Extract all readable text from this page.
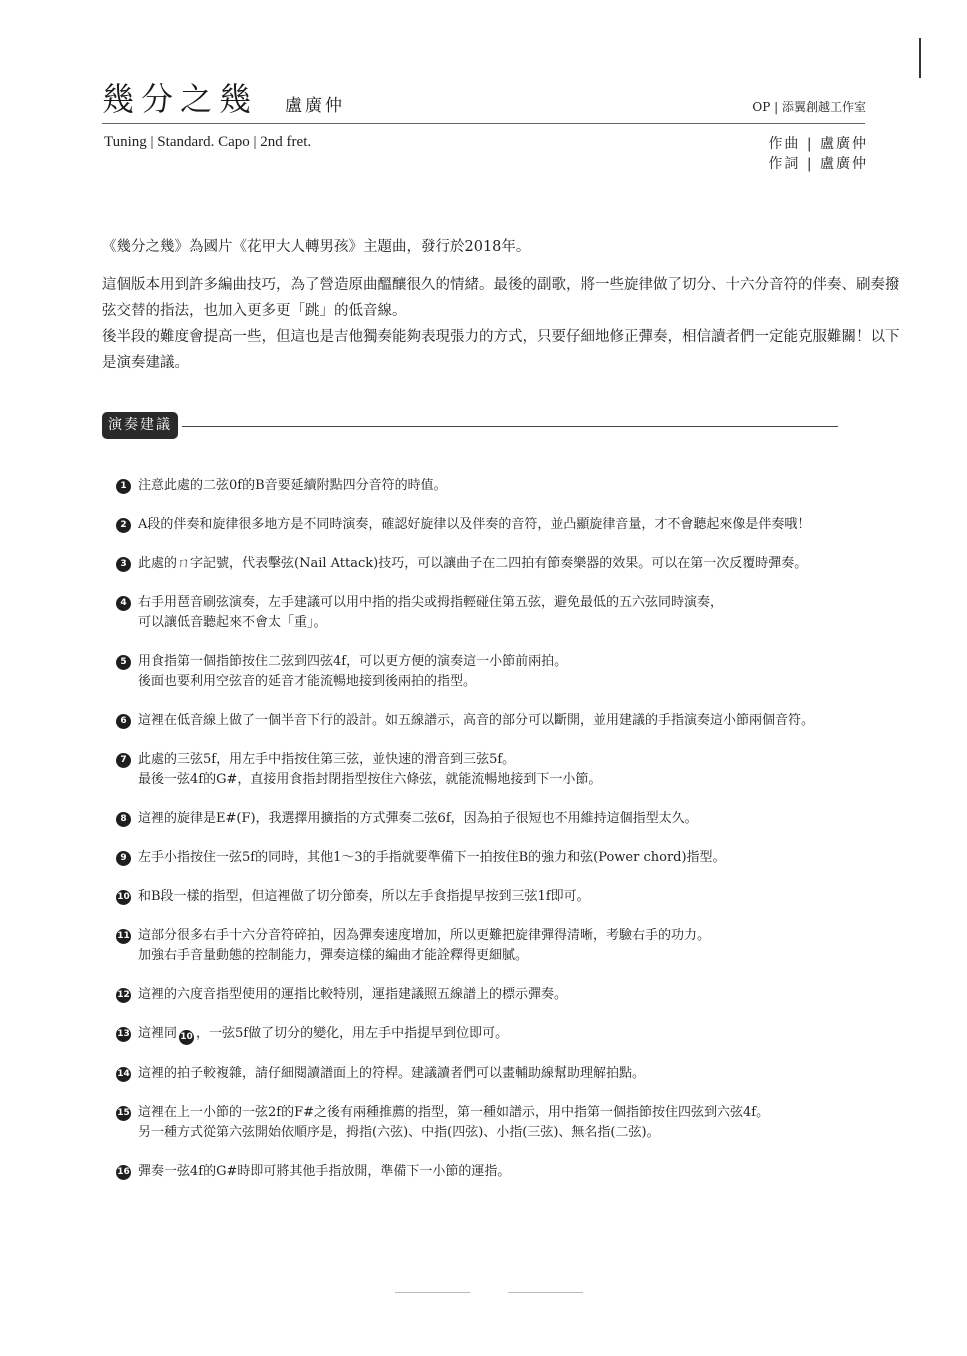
幾分之幾 盧廣仲	OP | 添翼創越工作室
Tuning | Standard. Capo | 2nd fret.	作曲 | 盧廣仲
作詞 | 盧廣仲

《幾分之幾》為國片《花甲大人轉男孩》主題曲，發行於2018年。

這個版本用到許多編曲技巧，為了營造原曲醞釀很久的情緒。最後的副歌，將一些旋律做了切分、十六分音符的伴奏、刷奏撥弦交替的指法，也加入更多更「跳」的低音線。

後半段的難度會提高一些，但這也是吉他獨奏能夠表現張力的方式，只要仔細地修正彈奏，相信讀者們一定能克服難關！以下是演奏建議。

演奏建議
1 注意此處的二弦0f的B音要延續附點四分音符的時值。
2 A段的伴奏和旋律很多地方是不同時演奏，確認好旋律以及伴奏的音符，並凸顯旋律音量，才不會聽起來像是伴奏哦！
3 此處的ㄇ字記號，代表擊弦(Nail Attack)技巧，可以讓曲子在二四拍有節奏樂器的效果。可以在第一次反覆時彈奏。
4 右手用琶音刷弦演奏，左手建議可以用中指的指尖或拇指輕碰住第五弦，避免最低的五六弦同時演奏，
可以讓低音聽起來不會太「重」。
5 用食指第一個指節按住二弦到四弦4f，可以更方便的演奏這一小節前兩拍。
後面也要利用空弦音的延音才能流暢地接到後兩拍的指型。
6 這裡在低音線上做了一個半音下行的設計。如五線譜示，高音的部分可以斷開，並用建議的手指演奏這小節兩個音符。
7 此處的三弦5f，用左手中指按住第三弦，並快速的滑音到三弦5f。
最後一弦4f的G#，直接用食指封閉指型按住六條弦，就能流暢地接到下一小節。
8 這裡的旋律是E#(F)，我選擇用擴指的方式彈奏二弦6f，因為拍子很短也不用維持這個指型太久。
9 左手小指按住一弦5f的同時，其他1～3的手指就要準備下一拍按住B的強力和弦(Power chord)指型。
10 和B段一樣的指型，但這裡做了切分節奏，所以左手食指提早按到三弦1f即可。
11 這部分很多右手十六分音符碎拍，因為彈奏速度增加，所以更難把旋律彈得清晰，考驗右手的功力。
加強右手音量動態的控制能力，彈奏這樣的編曲才能詮釋得更細膩。
12 這裡的六度音指型使用的運指比較特別，運指建議照五線譜上的標示彈奏。
13 這裡同 10 ，一弦5f做了切分的變化，用左手中指提早到位即可。
14 這裡的拍子較複雜，請仔細閱讀譜面上的符桿。建議讀者們可以畫輔助線幫助理解拍點。
15 這裡在上一小節的一弦2f的F#之後有兩種推薦的指型，第一種如譜示，用中指第一個指節按住四弦到六弦4f。
另一種方式從第六弦開始依順序是，拇指(六弦)、中指(四弦)、小指(三弦)、無名指(二弦)。
16 彈奏一弦4f的G#時即可將其他手指放開，準備下一小節的運指。
